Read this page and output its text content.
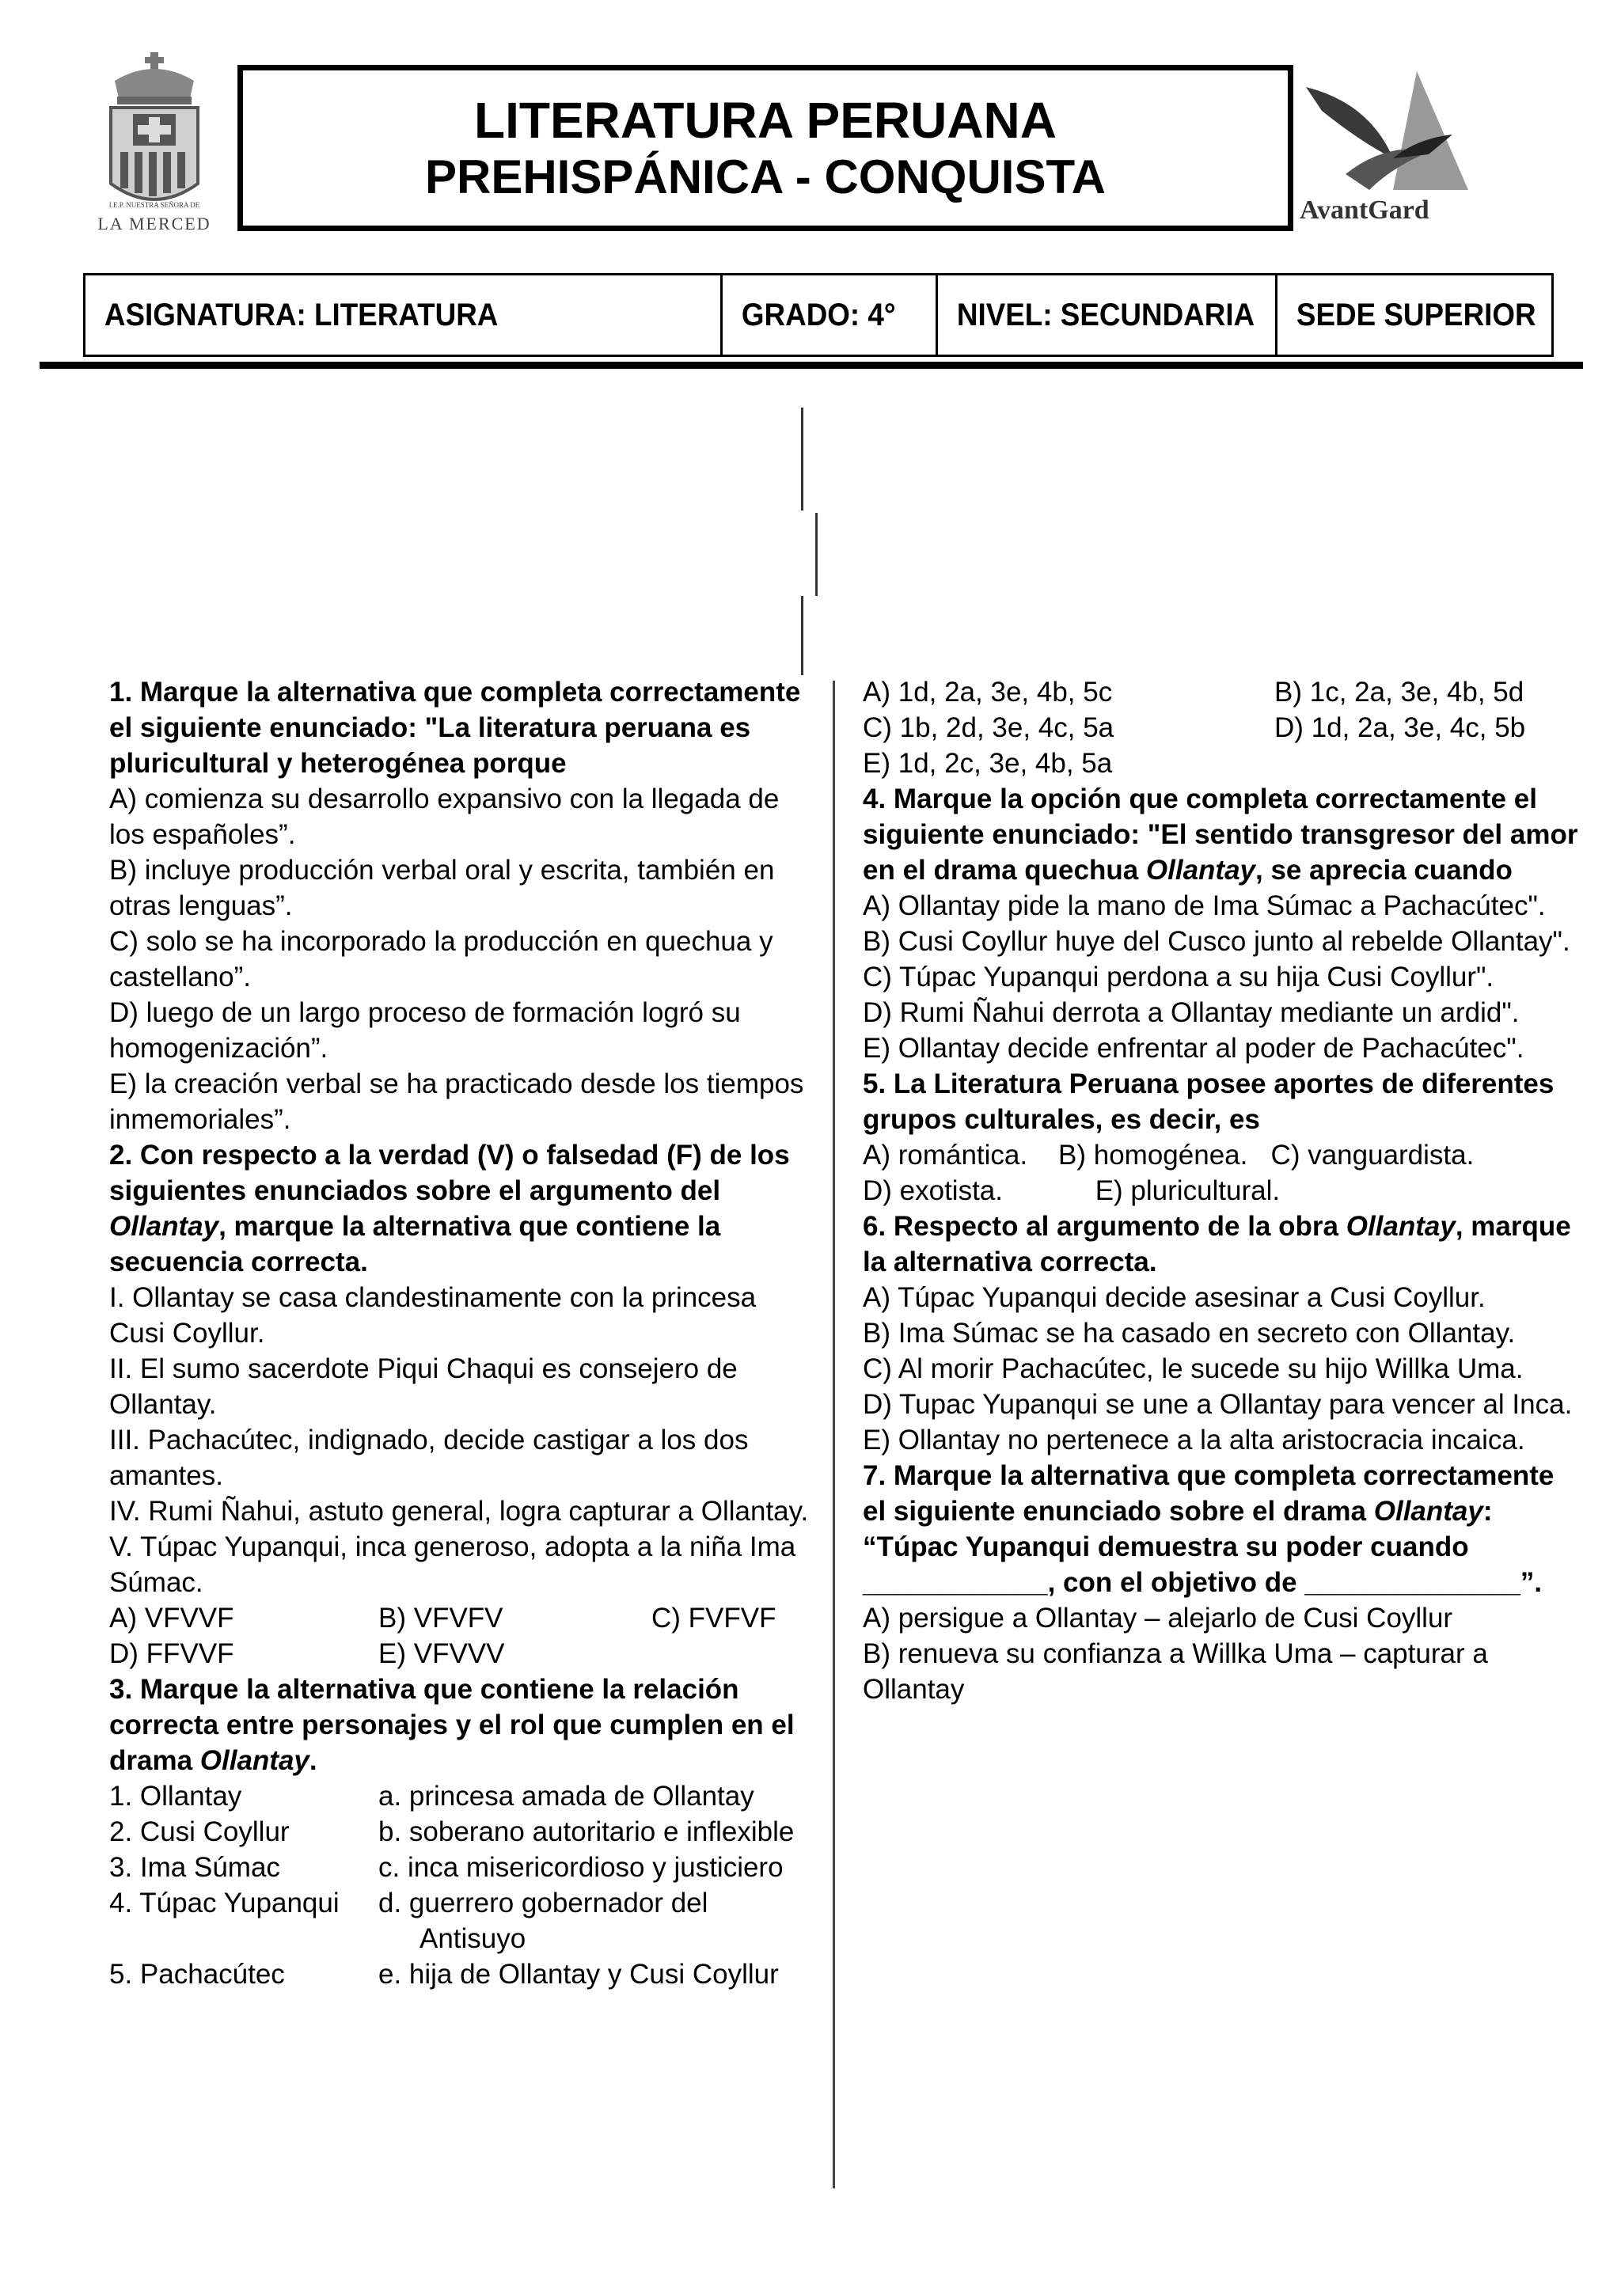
I.E.P. NUESTRA SEÑORA DE
LA MERCED
LITERATURA PERUANA
PREHISPÁNICA - CONQUISTA
AvantGard
ASIGNATURA: LITERATURA	GRADO: 4°	NIVEL: SECUNDARIA	SEDE SUPERIOR

1. Marque la alternativa que completa correctamente el siguiente enunciado: "La literatura peruana es pluricultural y heterogénea porque

A) comienza su desarrollo expansivo con la llegada de los españoles”.

B) incluye producción verbal oral y escrita, también en otras lenguas”.

C) solo se ha incorporado la producción en quechua y castellano”.

D) luego de un largo proceso de formación logró su homogenización”.

E) la creación verbal se ha practicado desde los tiempos inmemoriales”.

2. Con respecto a la verdad (V) o falsedad (F) de los siguientes enunciados sobre el argumento del Ollantay, marque la alternativa que contiene la secuencia correcta.

I. Ollantay se casa clandestinamente con la princesa Cusi Coyllur.

II. El sumo sacerdote Piqui Chaqui es consejero de Ollantay.

III. Pachacútec, indignado, decide castigar a los dos amantes.

IV. Rumi Ñahui, astuto general, logra capturar a Ollantay.

V. Túpac Yupanqui, inca generoso, adopta a la niña Ima Súmac.

A) VFVVF	B) VFVFV	C) FVFVF
D) FFVVF	E) VFVVV

3. Marque la alternativa que contiene la relación correcta entre personajes y el rol que cumplen en el drama Ollantay.

1. Ollantay	a. princesa amada de Ollantay
2. Cusi Coyllur	b. soberano autoritario e inflexible
3. Ima Súmac	c. inca misericordioso y justiciero
4. Túpac Yupanqui	d. guerrero gobernador del Antisuyo
5. Pachacútec	e. hija de Ollantay y Cusi Coyllur
A) 1d, 2a, 3e, 4b, 5c	B) 1c, 2a, 3e, 4b, 5d
C) 1b, 2d, 3e, 4c, 5a	D) 1d, 2a, 3e, 4c, 5b
E) 1d, 2c, 3e, 4b, 5a

4. Marque la opción que completa correctamente el siguiente enunciado: "El sentido transgresor del amor en el drama quechua Ollantay, se aprecia cuando

A) Ollantay pide la mano de Ima Súmac a Pachacútec".

B) Cusi Coyllur huye del Cusco junto al rebelde Ollantay".

C) Túpac Yupanqui perdona a su hija Cusi Coyllur".

D) Rumi Ñahui derrota a Ollantay mediante un ardid".

E) Ollantay decide enfrentar al poder de Pachacútec".

5. La Literatura Peruana posee aportes de diferentes grupos culturales, es decir, es

A) romántica. B) homogénea. C) vanguardista.

D) exotista.	E) pluricultural.

6. Respecto al argumento de la obra Ollantay, marque la alternativa correcta.

A) Túpac Yupanqui decide asesinar a Cusi Coyllur.

B) Ima Súmac se ha casado en secreto con Ollantay.

C) Al morir Pachacútec, le sucede su hijo Willka Uma.

D) Tupac Yupanqui se une a Ollantay para vencer al Inca.

E) Ollantay no pertenece a la alta aristocracia incaica.

7. Marque la alternativa que completa correctamente el siguiente enunciado sobre el drama Ollantay: “Túpac Yupanqui demuestra su poder cuando ____________, con el objetivo de ______________”.

A) persigue a Ollantay – alejarlo de Cusi Coyllur

B) renueva su confianza a Willka Uma – capturar a Ollantay
